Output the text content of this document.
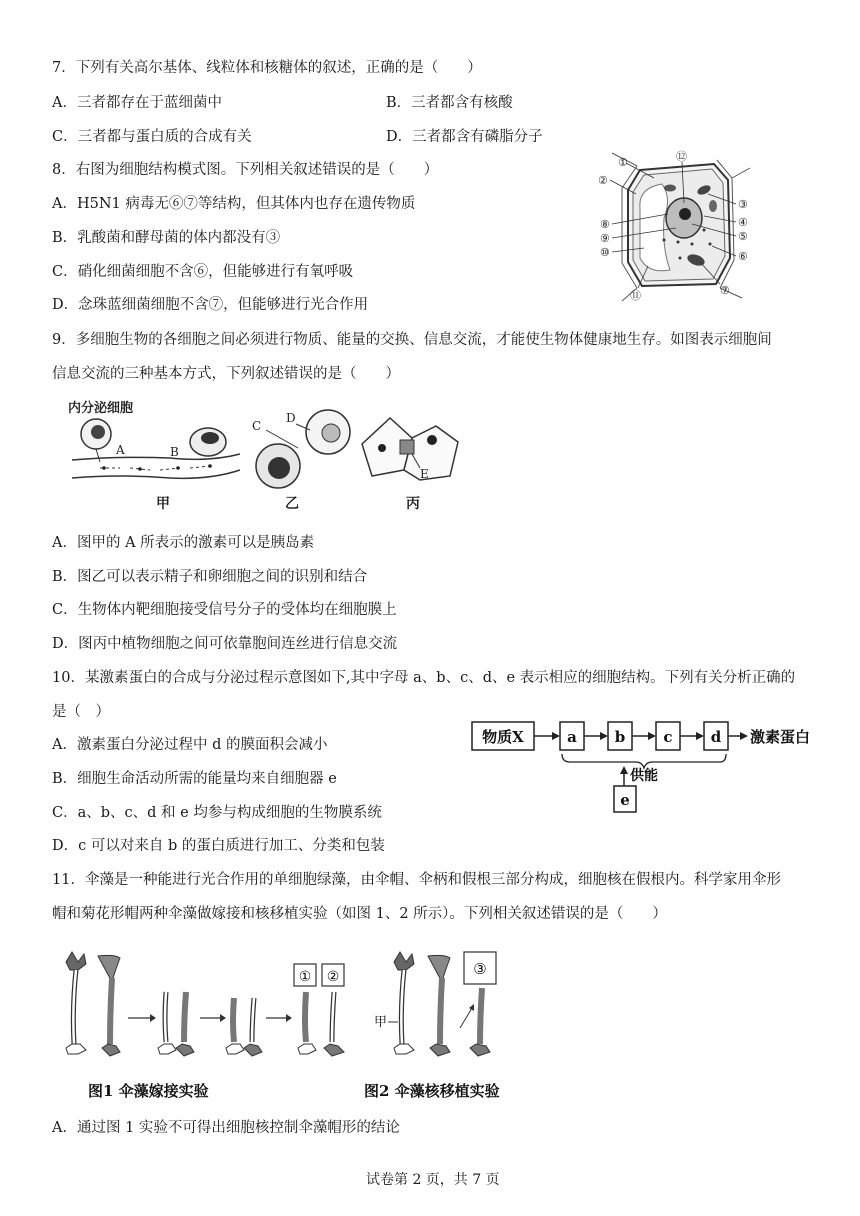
7．下列有关高尔基体、线粒体和核糖体的叙述，正确的是（　　）
A．三者都存在于蓝细菌中	B．三者都含有核酸
C．三者都与蛋白质的合成有关	D．三者都含有磷脂分子
8．右图为细胞结构模式图。下列相关叙述错误的是（　　）
A．H5N1 病毒无⑥⑦等结构，但其体内也存在遗传物质
B．乳酸菌和酵母菌的体内都没有③
C．硝化细菌细胞不含⑥，但能够进行有氧呼吸
D．念珠蓝细菌细胞不含⑦，但能够进行光合作用
①
②
③
④
⑤
⑥
⑦
⑧
⑨
⑩
⑪
⑫
9．多细胞生物的各细胞之间必须进行物质、能量的交换、信息交流，才能使生物体健康地生存。如图表示细胞间
信息交流的三种基本方式，下列叙述错误的是（　　）
内分泌细胞
A	B
甲
C
D
乙
E
丙
A．图甲的 A 所表示的激素可以是胰岛素
B．图乙可以表示精子和卵细胞之间的识别和结合
C．生物体内靶细胞接受信号分子的受体均在细胞膜上
D．图丙中植物细胞之间可依靠胞间连丝进行信息交流
10．某激素蛋白的合成与分泌过程示意图如下,其中字母 a、b、c、d、e 表示相应的细胞结构。下列有关分析正确的
是（　）
A．激素蛋白分泌过程中 d 的膜面积会减小
B．细胞生命活动所需的能量均来自细胞器 e
C．a、b、c、d 和 e 均参与构成细胞的生物膜系统
D．c 可以对来自 b 的蛋白质进行加工、分类和包装
物质X	a	b	c	d 激素蛋白
供能
e
11．伞藻是一种能进行光合作用的单细胞绿藻，由伞帽、伞柄和假根三部分构成，细胞核在假根内。科学家用伞形
帽和菊花形帽两种伞藻做嫁接和核移植实验（如图 1、2 所示）。下列相关叙述错误的是（　　）
① ②
图1 伞藻嫁接实验
甲
③
图2 伞藻核移植实验
A．通过图 1 实验不可得出细胞核控制伞藻帽形的结论
试卷第 2 页，共 7 页
